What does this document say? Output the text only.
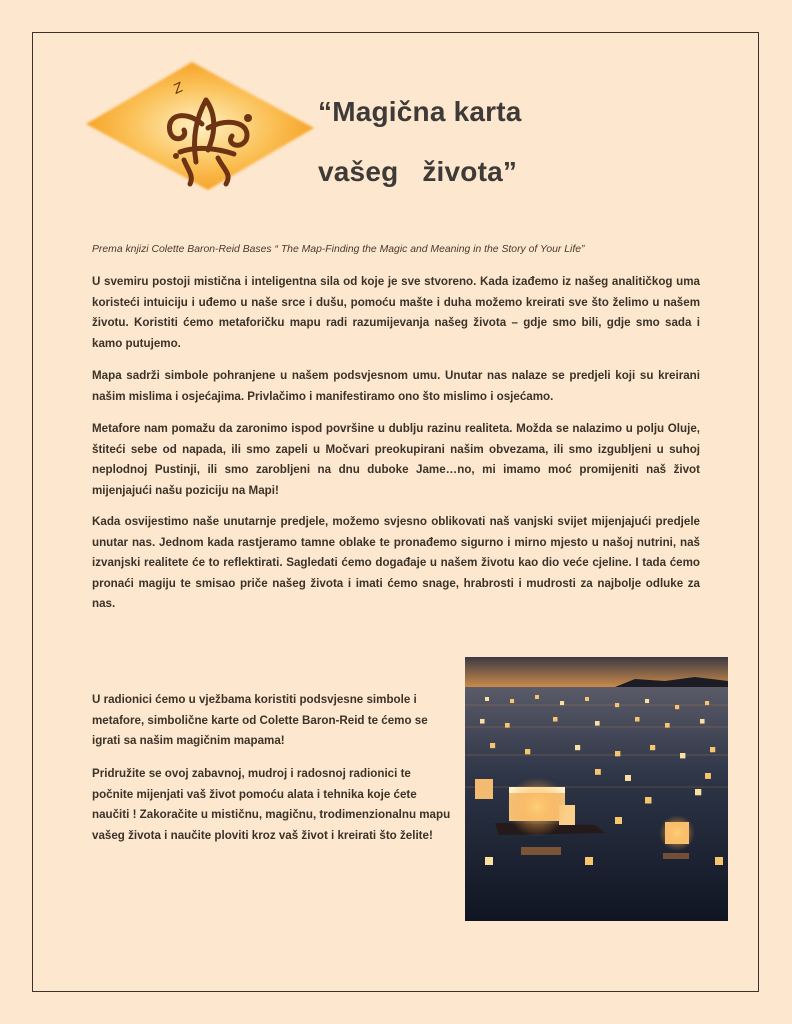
Z
“Magična karta
vašeg   života”
Prema knjizi Colette Baron-Reid Bases “ The Map-Finding the Magic and Meaning in the Story of Your Life”
U svemiru postoji mistična i inteligentna sila od koje je sve stvoreno. Kada izađemo iz našeg analitičkog uma koristeći intuiciju i uđemo u naše srce i dušu, pomoću mašte i duha možemo kreirati sve što želimo u našem životu. Koristiti ćemo metaforičku mapu radi razumijevanja našeg života – gdje smo bili, gdje smo sada i kamo putujemo.
Mapa sadrži simbole pohranjene u našem podsvjesnom umu. Unutar nas nalaze se predjeli koji su kreirani našim mislima i osjećajima. Privlačimo i manifestiramo ono što mislimo i osjećamo.
Metafore nam pomažu da zaronimo ispod površine u dublju razinu realiteta. Možda se nalazimo u polju Oluje, štiteći sebe od napada, ili smo zapeli u Močvari preokupirani našim obvezama, ili smo izgubljeni u suhoj neplodnoj Pustinji, ili smo zarobljeni na dnu duboke Jame…no, mi imamo moć promijeniti naš život mijenjajući našu poziciju na Mapi!
Kada osvijestimo naše unutarnje predjele, možemo svjesno oblikovati naš vanjski svijet mijenjajući predjele unutar nas. Jednom kada rastjeramo tamne oblake te pronađemo sigurno i mirno mjesto u našoj nutrini, naš izvanjski realitete će to reflektirati. Sagledati ćemo događaje u našem životu kao dio veće cjeline. I tada ćemo pronaći magiju te smisao priče našeg života i imati ćemo snage, hrabrosti i mudrosti za najbolje odluke za nas.
U radionici ćemo u vježbama koristiti podsvjesne simbole i metafore, simbolične karte od Colette Baron-Reid te ćemo se igrati sa našim magičnim mapama!
Pridružite se ovoj zabavnoj, mudroj i radosnoj radionici te počnite mijenjati vaš život pomoću alata i tehnika koje ćete naučiti ! Zakoračite u mističnu, magičnu, trodimenzionalnu mapu vašeg života i naučite ploviti kroz vaš život i kreirati što želite!
